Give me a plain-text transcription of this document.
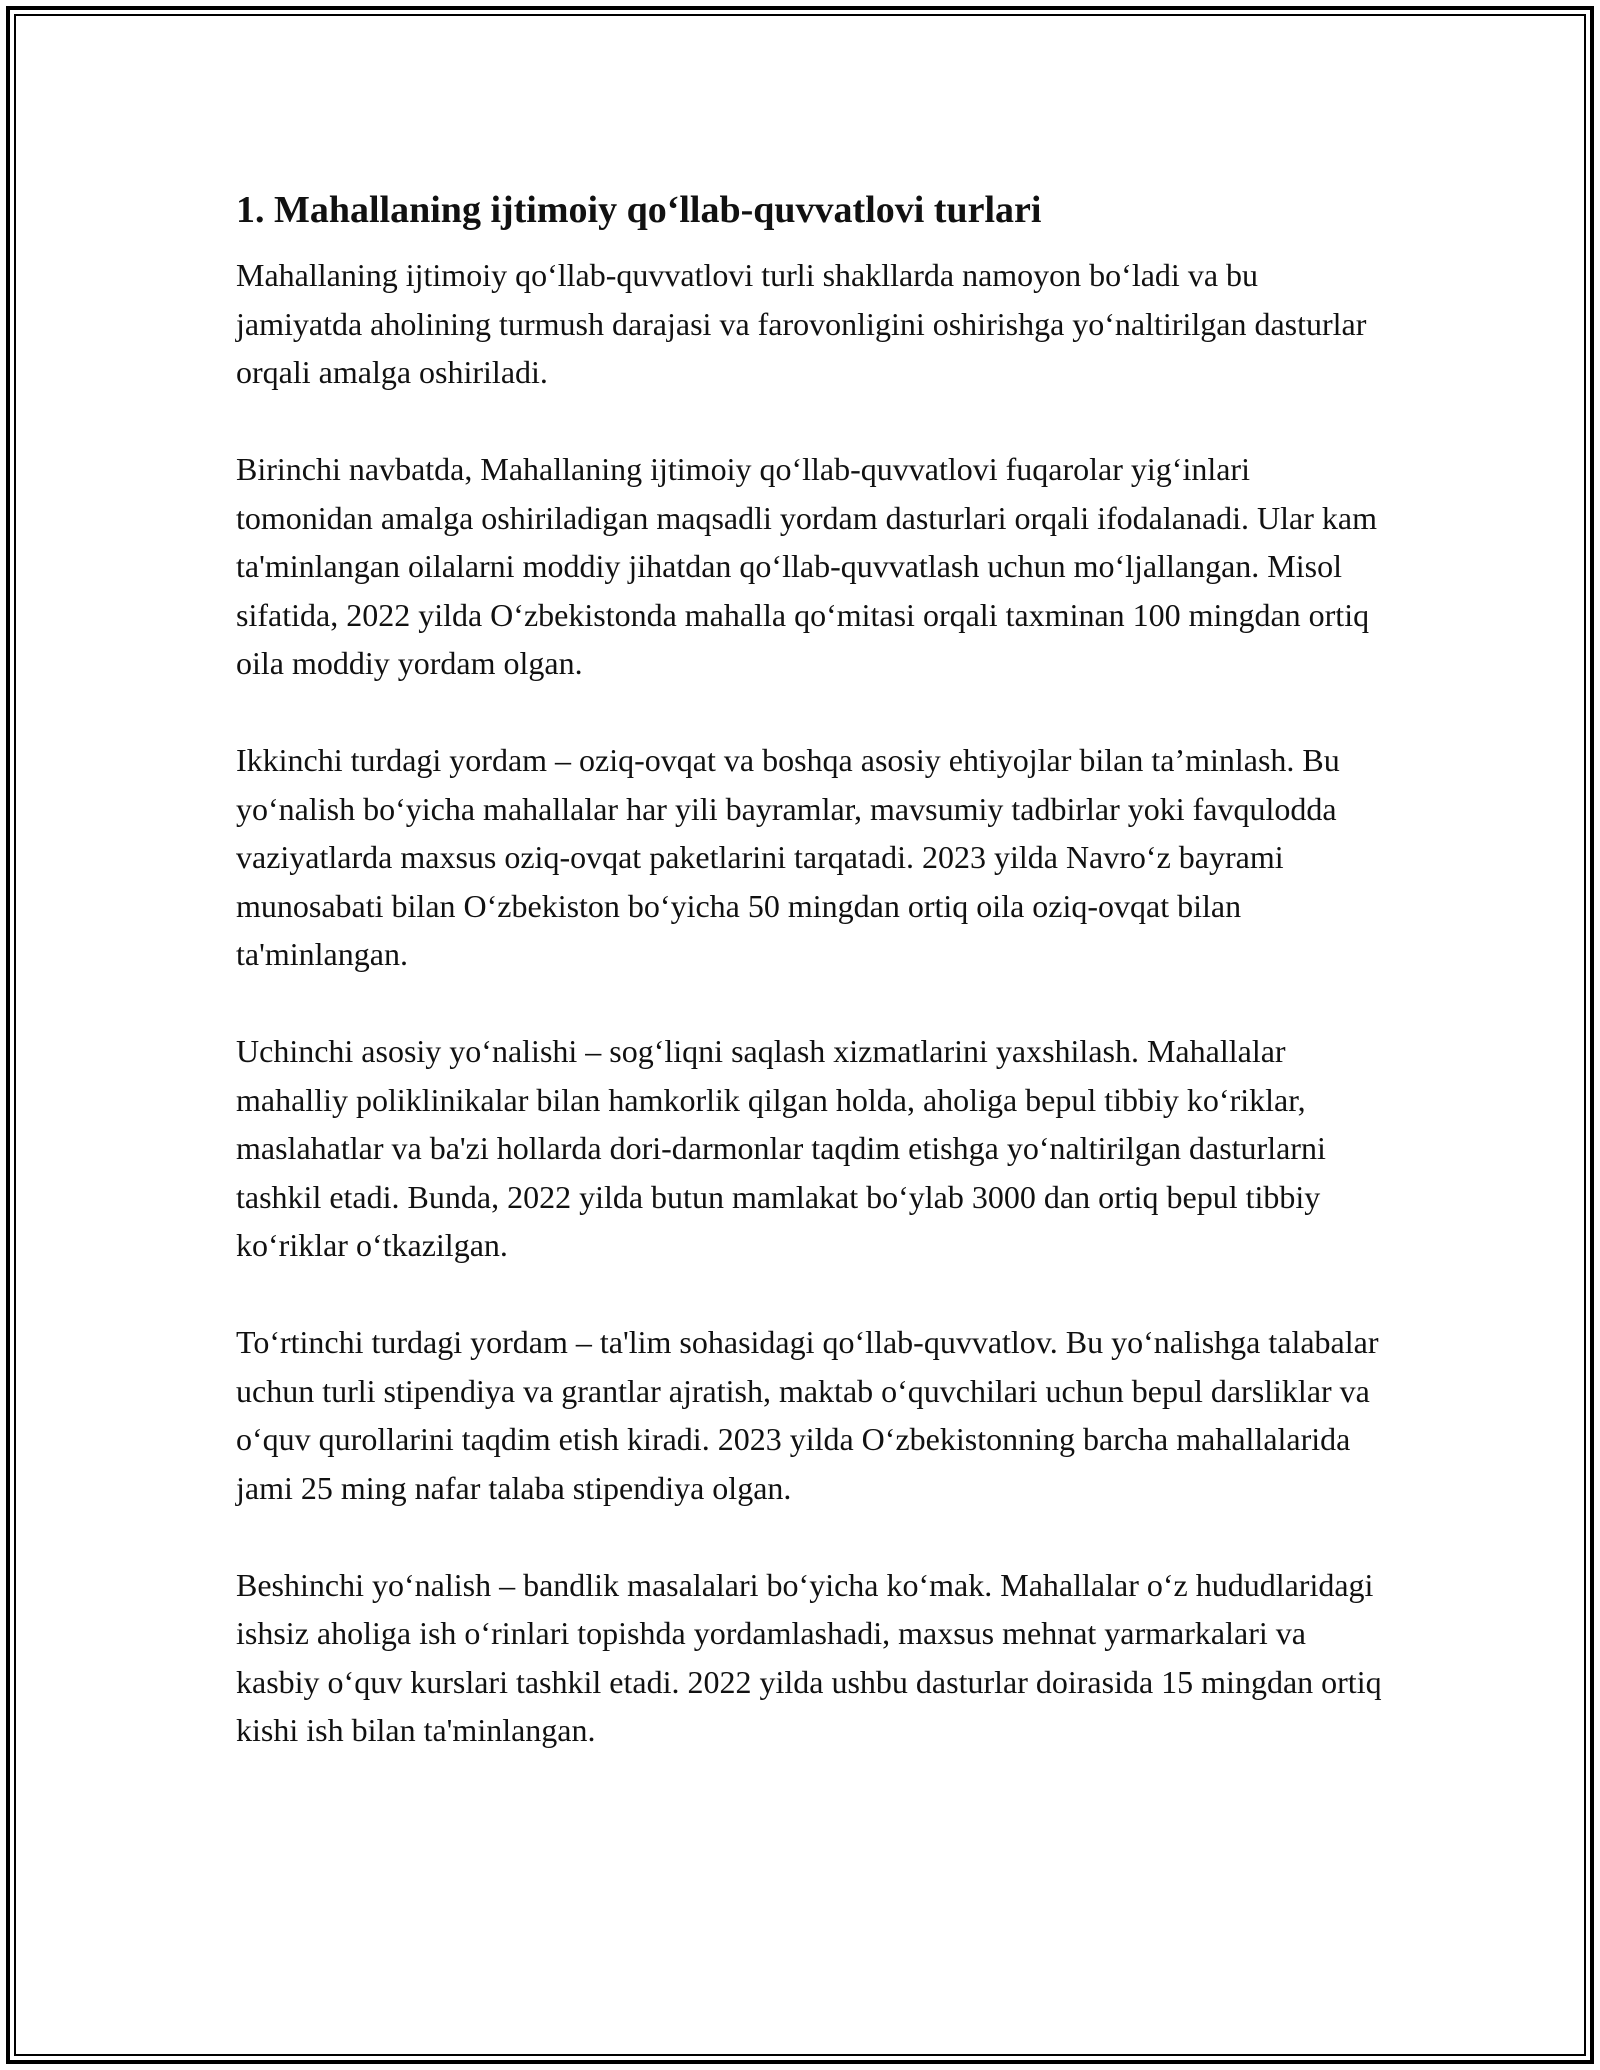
1. Mahallaning ijtimoiy qo‘llab-quvvatlovi turlari

Mahallaning ijtimoiy qo‘llab-quvvatlovi turli shakllarda namoyon bo‘ladi va bu jamiyatda aholining turmush darajasi va farovonligini oshirishga yo‘naltirilgan dasturlar orqali amalga oshiriladi.

Birinchi navbatda, Mahallaning ijtimoiy qo‘llab-quvvatlovi fuqarolar yig‘inlari tomonidan amalga oshiriladigan maqsadli yordam dasturlari orqali ifodalanadi. Ular kam ta'minlangan oilalarni moddiy jihatdan qo‘llab-quvvatlash uchun mo‘ljallangan. Misol sifatida, 2022 yilda O‘zbekistonda mahalla qo‘mitasi orqali taxminan 100 mingdan ortiq oila moddiy yordam olgan.

Ikkinchi turdagi yordam – oziq-ovqat va boshqa asosiy ehtiyojlar bilan ta’minlash. Bu yo‘nalish bo‘yicha mahallalar har yili bayramlar, mavsumiy tadbirlar yoki favqulodda vaziyatlarda maxsus oziq-ovqat paketlarini tarqatadi. 2023 yilda Navro‘z bayrami munosabati bilan O‘zbekiston bo‘yicha 50 mingdan ortiq oila oziq-ovqat bilan ta'minlangan.

Uchinchi asosiy yo‘nalishi – sog‘liqni saqlash xizmatlarini yaxshilash. Mahallalar mahalliy poliklinikalar bilan hamkorlik qilgan holda, aholiga bepul tibbiy ko‘riklar, maslahatlar va ba'zi hollarda dori-darmonlar taqdim etishga yo‘naltirilgan dasturlarni tashkil etadi. Bunda, 2022 yilda butun mamlakat bo‘ylab 3000 dan ortiq bepul tibbiy ko‘riklar o‘tkazilgan.

To‘rtinchi turdagi yordam – ta'lim sohasidagi qo‘llab-quvvatlov. Bu yo‘nalishga talabalar uchun turli stipendiya va grantlar ajratish, maktab o‘quvchilari uchun bepul darsliklar va o‘quv qurollarini taqdim etish kiradi. 2023 yilda O‘zbekistonning barcha mahallalarida jami 25 ming nafar talaba stipendiya olgan.

Beshinchi yo‘nalish – bandlik masalalari bo‘yicha ko‘mak. Mahallalar o‘z hududlaridagi ishsiz aholiga ish o‘rinlari topishda yordamlashadi, maxsus mehnat yarmarkalari va kasbiy o‘quv kurslari tashkil etadi. 2022 yilda ushbu dasturlar doirasida 15 mingdan ortiq kishi ish bilan ta'minlangan.
